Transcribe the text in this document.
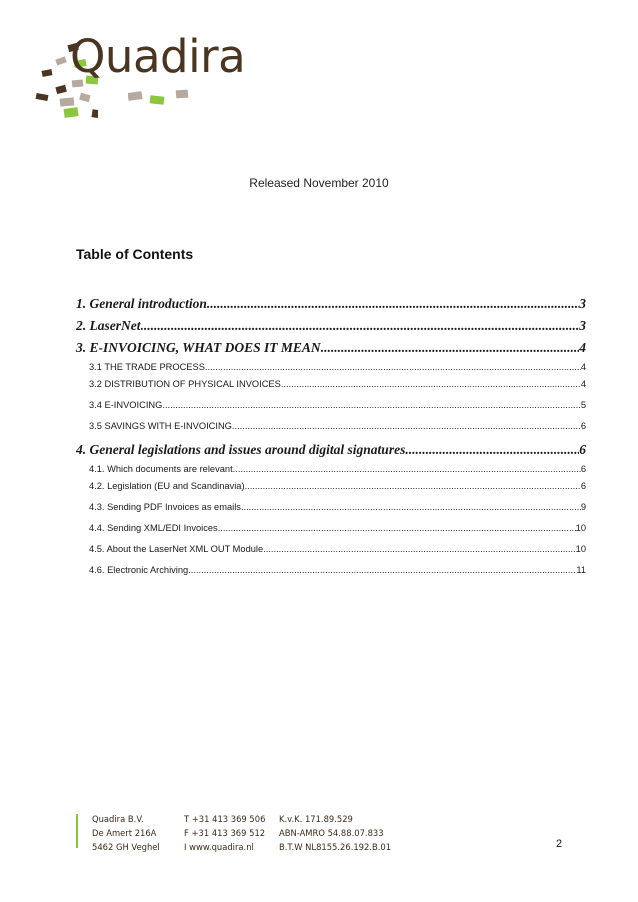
Quadira
Released November 2010
Table of Contents
1. General introduction .....	3
2. LaserNet .....	3
3. E-INVOICING, WHAT DOES IT MEAN .....	4
3.1 THE TRADE PROCESS .....	4
3.2 DISTRIBUTION OF PHYSICAL INVOICES .....	4
3.4 E-INVOICING .....	5
3.5 SAVINGS WITH E-INVOICING .....	6
4. General legislations and issues around digital signatures .....	6
4.1. Which documents are relevant .....	6
4.2. Legislation (EU and Scandinavia) .....	6
4.3. Sending PDF Invoices as emails .....	9
4.4. Sending XML/EDI Invoices .....	10
4.5. About the LaserNet XML OUT Module .....	10
4.6. Electronic Archiving .....	11
Quadira B.V.
De Amert 216A
5462 GH Veghel
T +31 413 369 506
F +31 413 369 512
I www.quadira.nl
K.v.K. 171.89.529
ABN-AMRO 54.88.07.833
B.T.W NL8155.26.192.B.01	2
